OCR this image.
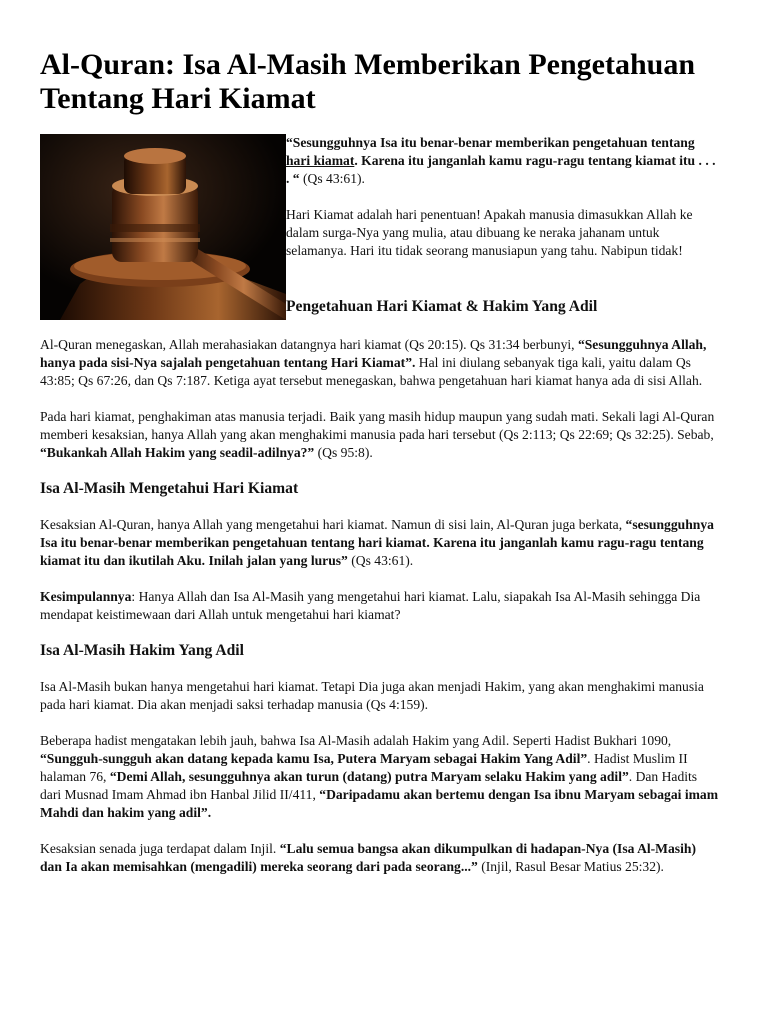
Al-Quran: Isa Al-Masih Memberikan Pengetahuan
Tentang Hari Kiamat

“Sesungguhnya Isa itu benar-benar memberikan pengetahuan tentang hari kiamat. Karena itu janganlah kamu ragu-ragu tentang kiamat itu . . . . “ (Qs 43:61).

Hari Kiamat adalah hari penentuan! Apakah manusia dimasukkan Allah ke dalam surga-Nya yang mulia, atau dibuang ke neraka jahanam untuk selamanya. Hari itu tidak seorang manusiapun yang tahu. Nabipun tidak!

Pengetahuan Hari Kiamat & Hakim Yang Adil

Al-Quran menegaskan, Allah merahasiakan datangnya hari kiamat (Qs 20:15). Qs 31:34 berbunyi, “Sesungguhnya Allah, hanya pada sisi-Nya sajalah pengetahuan tentang Hari Kiamat”. Hal ini diulang sebanyak tiga kali, yaitu dalam Qs 43:85; Qs 67:26, dan Qs 7:187. Ketiga ayat tersebut menegaskan, bahwa pengetahuan hari kiamat hanya ada di sisi Allah.

Pada hari kiamat, penghakiman atas manusia terjadi. Baik yang masih hidup maupun yang sudah mati. Sekali lagi Al-Quran memberi kesaksian, hanya Allah yang akan menghakimi manusia pada hari tersebut (Qs 2:113; Qs 22:69; Qs 32:25). Sebab, “Bukankah Allah Hakim yang seadil-adilnya?” (Qs 95:8).

Isa Al-Masih Mengetahui Hari Kiamat

Kesaksian Al-Quran, hanya Allah yang mengetahui hari kiamat. Namun di sisi lain, Al-Quran juga berkata, “sesungguhnya Isa itu benar-benar memberikan pengetahuan tentang hari kiamat. Karena itu janganlah kamu ragu-ragu tentang kiamat itu dan ikutilah Aku. Inilah jalan yang lurus” (Qs 43:61).

Kesimpulannya: Hanya Allah dan Isa Al-Masih yang mengetahui hari kiamat. Lalu, siapakah Isa Al-Masih sehingga Dia mendapat keistimewaan dari Allah untuk mengetahui hari kiamat?

Isa Al-Masih Hakim Yang Adil

Isa Al-Masih bukan hanya mengetahui hari kiamat. Tetapi Dia juga akan menjadi Hakim, yang akan menghakimi manusia pada hari kiamat. Dia akan menjadi saksi terhadap manusia (Qs 4:159).

Beberapa hadist mengatakan lebih jauh, bahwa Isa Al-Masih adalah Hakim yang Adil. Seperti Hadist Bukhari 1090, “Sungguh-sungguh akan datang kepada kamu Isa, Putera Maryam sebagai Hakim Yang Adil”. Hadist Muslim II halaman 76, “Demi Allah, sesungguhnya akan turun (datang) putra Maryam selaku Hakim yang adil”. Dan Hadits dari Musnad Imam Ahmad ibn Hanbal Jilid II/411, “Daripadamu akan bertemu dengan Isa ibnu Maryam sebagai imam Mahdi dan hakim yang adil”.

Kesaksian senada juga terdapat dalam Injil. “Lalu semua bangsa akan dikumpulkan di hadapan-Nya (Isa Al-Masih) dan Ia akan memisahkan (mengadili) mereka seorang dari pada seorang...” (Injil, Rasul Besar Matius 25:32).
